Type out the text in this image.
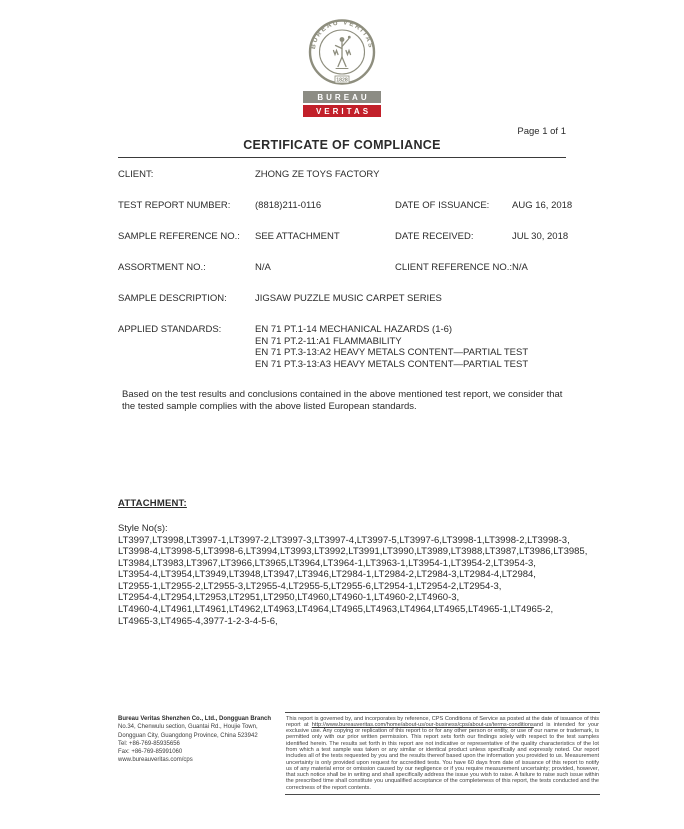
BUREAU VERITAS
1828
BUREAU
VERITAS
Page 1 of 1
CERTIFICATE OF COMPLIANCE
CLIENT:	ZHONG ZE TOYS FACTORY
TEST REPORT NUMBER:	(8818)211-0116	DATE OF ISSUANCE:	AUG 16, 2018
SAMPLE REFERENCE NO.:	SEE ATTACHMENT	DATE RECEIVED:	JUL 30, 2018
ASSORTMENT NO.:	N/A	CLIENT REFERENCE NO.: N/A
SAMPLE DESCRIPTION:	JIGSAW PUZZLE MUSIC CARPET SERIES
APPLIED STANDARDS:	EN 71 PT.1-14 MECHANICAL HAZARDS (1-6)
EN 71 PT.2-11:A1 FLAMMABILITY
EN 71 PT.3-13:A2 HEAVY METALS CONTENT—PARTIAL TEST
EN 71 PT.3-13:A3 HEAVY METALS CONTENT—PARTIAL TEST
Based on the test results and conclusions contained in the above mentioned test report, we consider that the tested sample complies with the above listed European standards.
ATTACHMENT:
Style No(s):
LT3997,LT3998,LT3997-1,LT3997-2,LT3997-3,LT3997-4,LT3997-5,LT3997-6,LT3998-1,LT3998-2,LT3998-3,
LT3998-4,LT3998-5,LT3998-6,LT3994,LT3993,LT3992,LT3991,LT3990,LT3989,LT3988,LT3987,LT3986,LT3985,
LT3984,LT3983,LT3967,LT3966,LT3965,LT3964,LT3964-1,LT3963-1,LT3954-1,LT3954-2,LT3954-3,
LT3954-4,LT3954,LT3949,LT3948,LT3947,LT3946,LT2984-1,LT2984-2,LT2984-3,LT2984-4,LT2984,
LT2955-1,LT2955-2,LT2955-3,LT2955-4,LT2955-5,LT2955-6,LT2954-1,LT2954-2,LT2954-3,
LT2954-4,LT2954,LT2953,LT2951,LT2950,LT4960,LT4960-1,LT4960-2,LT4960-3,
LT4960-4,LT4961,LT4961,LT4962,LT4963,LT4964,LT4965,LT4963,LT4964,LT4965,LT4965-1,LT4965-2,
LT4965-3,LT4965-4,3977-1-2-3-4-5-6,
Bureau Veritas Shenzhen Co., Ltd., Dongguan Branch
No.34, Chenwulu section, Guantai Rd., Houjie Town,
Dongguan City, Guangdong Province, China 523942
Tel: +86-769-85935656
Fax: +86-769-85991060
www.bureauveritas.com/cps
This report is governed by, and incorporates by reference, CPS Conditions of Service as posted at the date of issuance of this report at http://www.bureauveritas.com/home/about-us/our-business/cps/about-us/terms-conditionsand is intended for your exclusive use. Any copying or replication of this report to or for any other person or entity, or use of our name or trademark, is permitted only with our prior written permission. This report sets forth our findings solely with respect to the test samples identified herein. The results set forth in this report are not indicative or representative of the quality characteristics of the lot from which a test sample was taken or any similar or identical product unless specifically and expressly noted. Our report includes all of the tests requested by you and the results thereof based upon the information you provided to us. Measurement uncertainty is only provided upon request for accredited tests. You have 60 days from date of issuance of this report to notify us of any material error or omission caused by our negligence or if you require measurement uncertainty; provided, however, that such notice shall be in writing and shall specifically address the issue you wish to raise. A failure to raise such issue within the prescribed time shall constitute you unqualified acceptance of the completeness of this report, the tests conducted and the correctness of the report contents.
